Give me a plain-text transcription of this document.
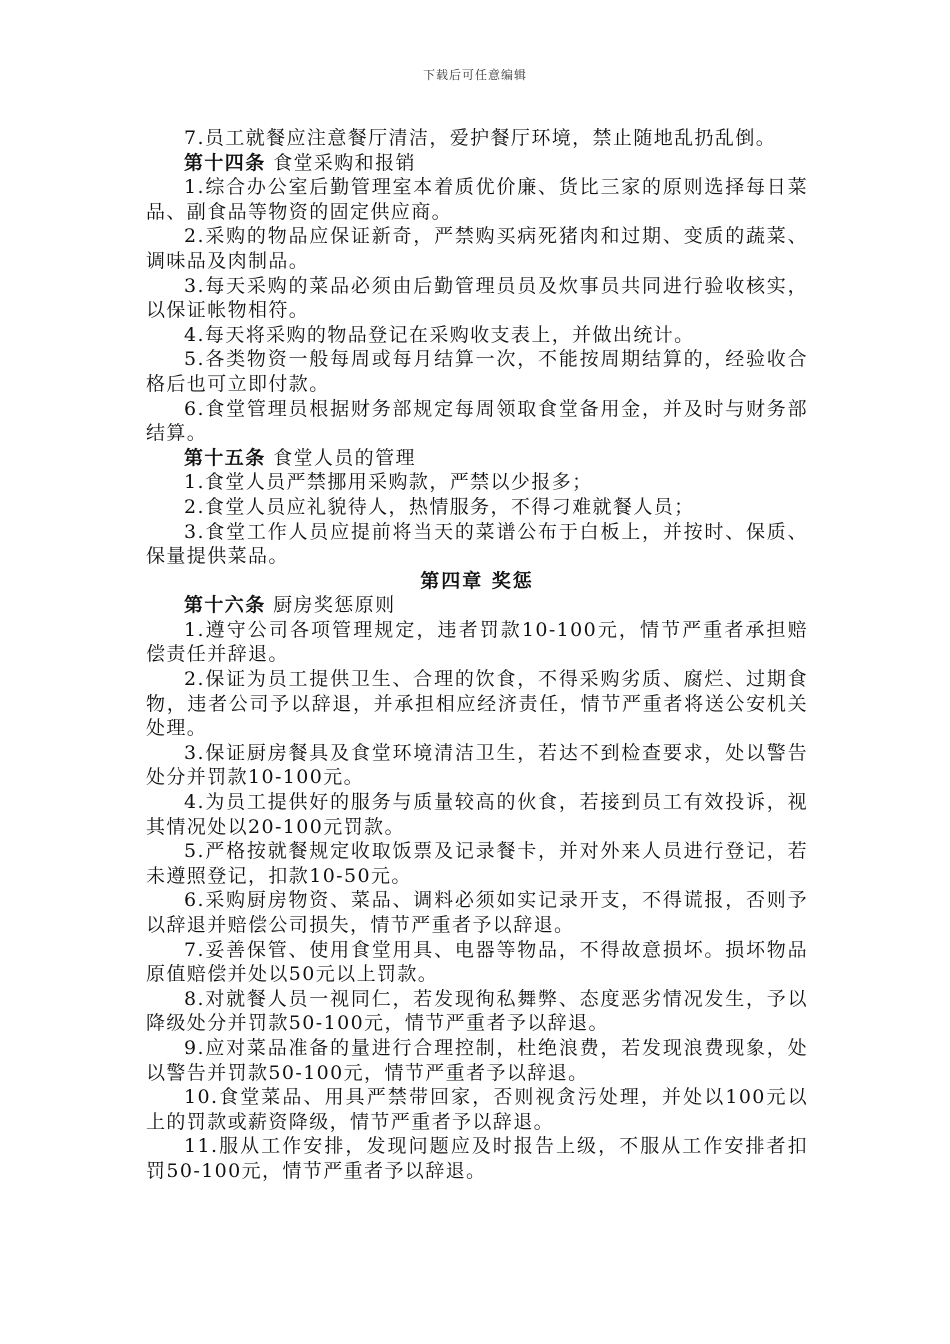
下载后可任意编辑

7.员工就餐应注意餐厅清洁，爱护餐厅环境，禁止随地乱扔乱倒。

第十四条 食堂采购和报销

1.综合办公室后勤管理室本着质优价廉、货比三家的原则选择每日菜品、副食品等物资的固定供应商。

2.采购的物品应保证新奇，严禁购买病死猪肉和过期、变质的蔬菜、调味品及肉制品。

3.每天采购的菜品必须由后勤管理员员及炊事员共同进行验收核实，以保证帐物相符。

4.每天将采购的物品登记在采购收支表上，并做出统计。

5.各类物资一般每周或每月结算一次，不能按周期结算的，经验收合格后也可立即付款。

6.食堂管理员根据财务部规定每周领取食堂备用金，并及时与财务部结算。

第十五条 食堂人员的管理

1.食堂人员严禁挪用采购款，严禁以少报多；

2.食堂人员应礼貌待人，热情服务，不得刁难就餐人员；

3.食堂工作人员应提前将当天的菜谱公布于白板上，并按时、保质、保量提供菜品。

第四章 奖惩

第十六条 厨房奖惩原则

1.遵守公司各项管理规定，违者罚款10-100元，情节严重者承担赔偿责任并辞退。

2.保证为员工提供卫生、合理的饮食，不得采购劣质、腐烂、过期食物，违者公司予以辞退，并承担相应经济责任，情节严重者将送公安机关处理。

3.保证厨房餐具及食堂环境清洁卫生，若达不到检查要求，处以警告处分并罚款10-100元。

4.为员工提供好的服务与质量较高的伙食，若接到员工有效投诉，视其情况处以20-100元罚款。

5.严格按就餐规定收取饭票及记录餐卡，并对外来人员进行登记，若未遵照登记，扣款10-50元。

6.采购厨房物资、菜品、调料必须如实记录开支，不得谎报，否则予以辞退并赔偿公司损失，情节严重者予以辞退。

7.妥善保管、使用食堂用具、电器等物品，不得故意损坏。损坏物品原值赔偿并处以50元以上罚款。

8.对就餐人员一视同仁，若发现徇私舞弊、态度恶劣情况发生，予以降级处分并罚款50-100元，情节严重者予以辞退。

9.应对菜品准备的量进行合理控制，杜绝浪费，若发现浪费现象，处以警告并罚款50-100元，情节严重者予以辞退。

10.食堂菜品、用具严禁带回家，否则视贪污处理，并处以100元以上的罚款或薪资降级，情节严重者予以辞退。

11.服从工作安排，发现问题应及时报告上级，不服从工作安排者扣罚50-100元，情节严重者予以辞退。
